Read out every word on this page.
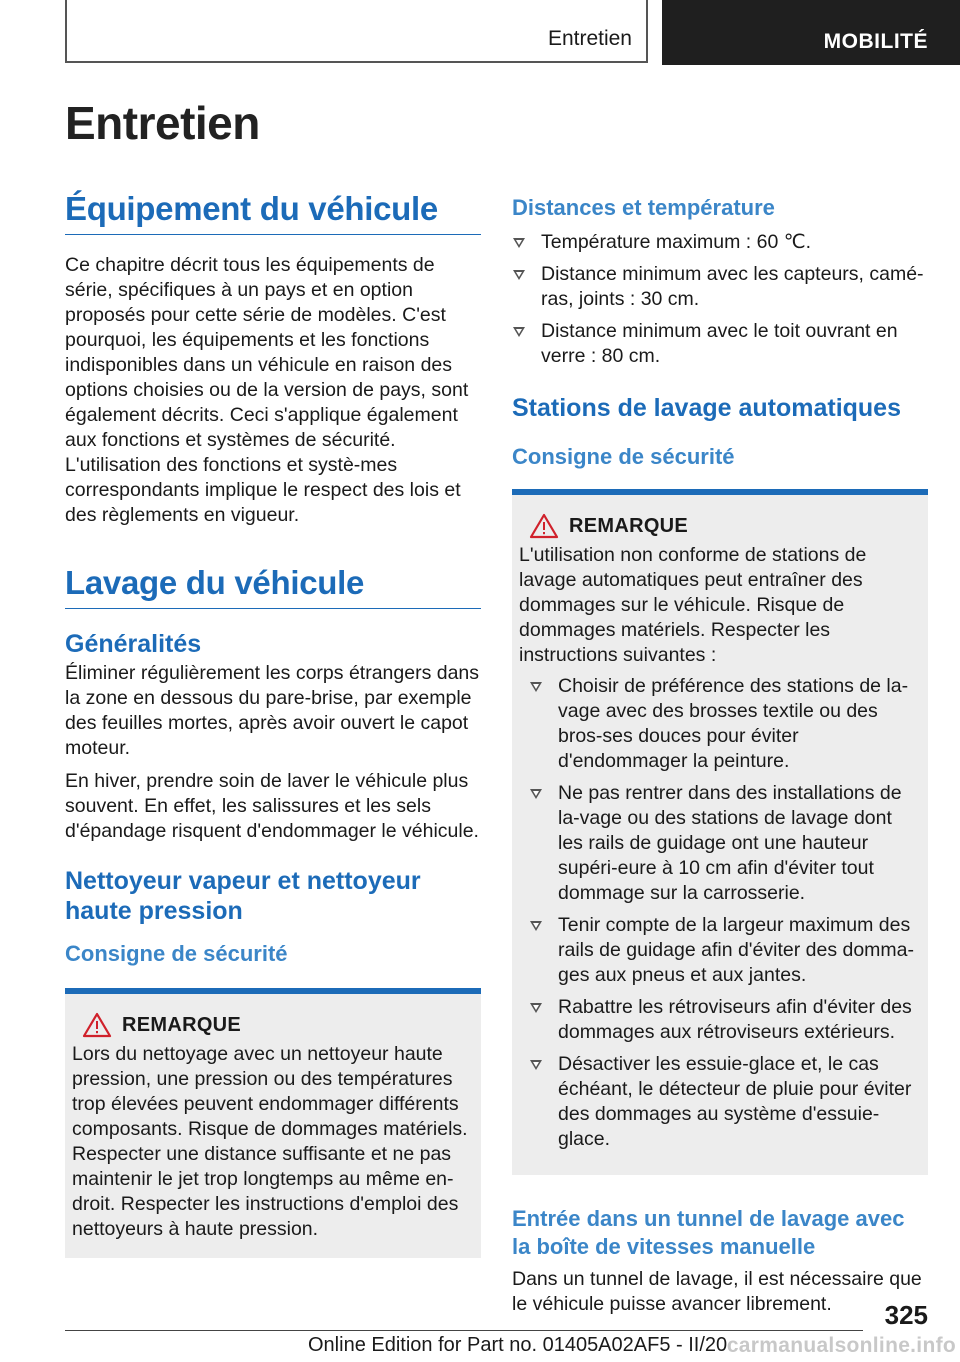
Entretien	MOBILITÉ
Entretien
Équipement du véhicule

Ce chapitre décrit tous les équipements de série, spécifiques à un pays et en option proposés pour cette série de modèles. C'est pourquoi, les équipements et les fonctions indisponibles dans un véhicule en raison des options choisies ou de la version de pays, sont également décrits. Ceci s'applique également aux fonctions et systèmes de sécurité. L'utilisation des fonctions et systè-mes correspondants implique le respect des lois et des règlements en vigueur.

Lavage du véhicule
Généralités

Éliminer régulièrement les corps étrangers dans la zone en dessous du pare-brise, par exemple des feuilles mortes, après avoir ouvert le capot moteur.

En hiver, prendre soin de laver le véhicule plus souvent. En effet, les salissures et les sels d'épandage risquent d'endommager le véhicule.

Nettoyeur vapeur et nettoyeur haute pression
Consigne de sécurité
REMARQUE

Lors du nettoyage avec un nettoyeur haute pression, une pression ou des températures trop élevées peuvent endommager différents composants. Risque de dommages matériels. Respecter une distance suffisante et ne pas maintenir le jet trop longtemps au même en-droit. Respecter les instructions d'emploi des nettoyeurs à haute pression.

Distances et température
Température maximum : 60 ℃.
Distance minimum avec les capteurs, camé-ras, joints : 30 cm.
Distance minimum avec le toit ouvrant en verre : 80 cm.
Stations de lavage automatiques
Consigne de sécurité
REMARQUE

L'utilisation non conforme de stations de lavage automatiques peut entraîner des dommages sur le véhicule. Risque de dommages matériels. Respecter les instructions suivantes :

Choisir de préférence des stations de la-vage avec des brosses textile ou des bros-ses douces pour éviter d'endommager la peinture.
Ne pas rentrer dans des installations de la-vage ou des stations de lavage dont les rails de guidage ont une hauteur supéri-eure à 10 cm afin d'éviter tout dommage sur la carrosserie.
Tenir compte de la largeur maximum des rails de guidage afin d'éviter des domma-ges aux pneus et aux jantes.
Rabattre les rétroviseurs afin d'éviter des dommages aux rétroviseurs extérieurs.
Désactiver les essuie-glace et, le cas échéant, le détecteur de pluie pour éviter des dommages au système d'essuie-glace.
Entrée dans un tunnel de lavage avec la boîte de vitesses manuelle

Dans un tunnel de lavage, il est nécessaire que le véhicule puisse avancer librement.	325
Online Edition for Part no. 01405A02AF5 - II/20 carmanualsonline.info
